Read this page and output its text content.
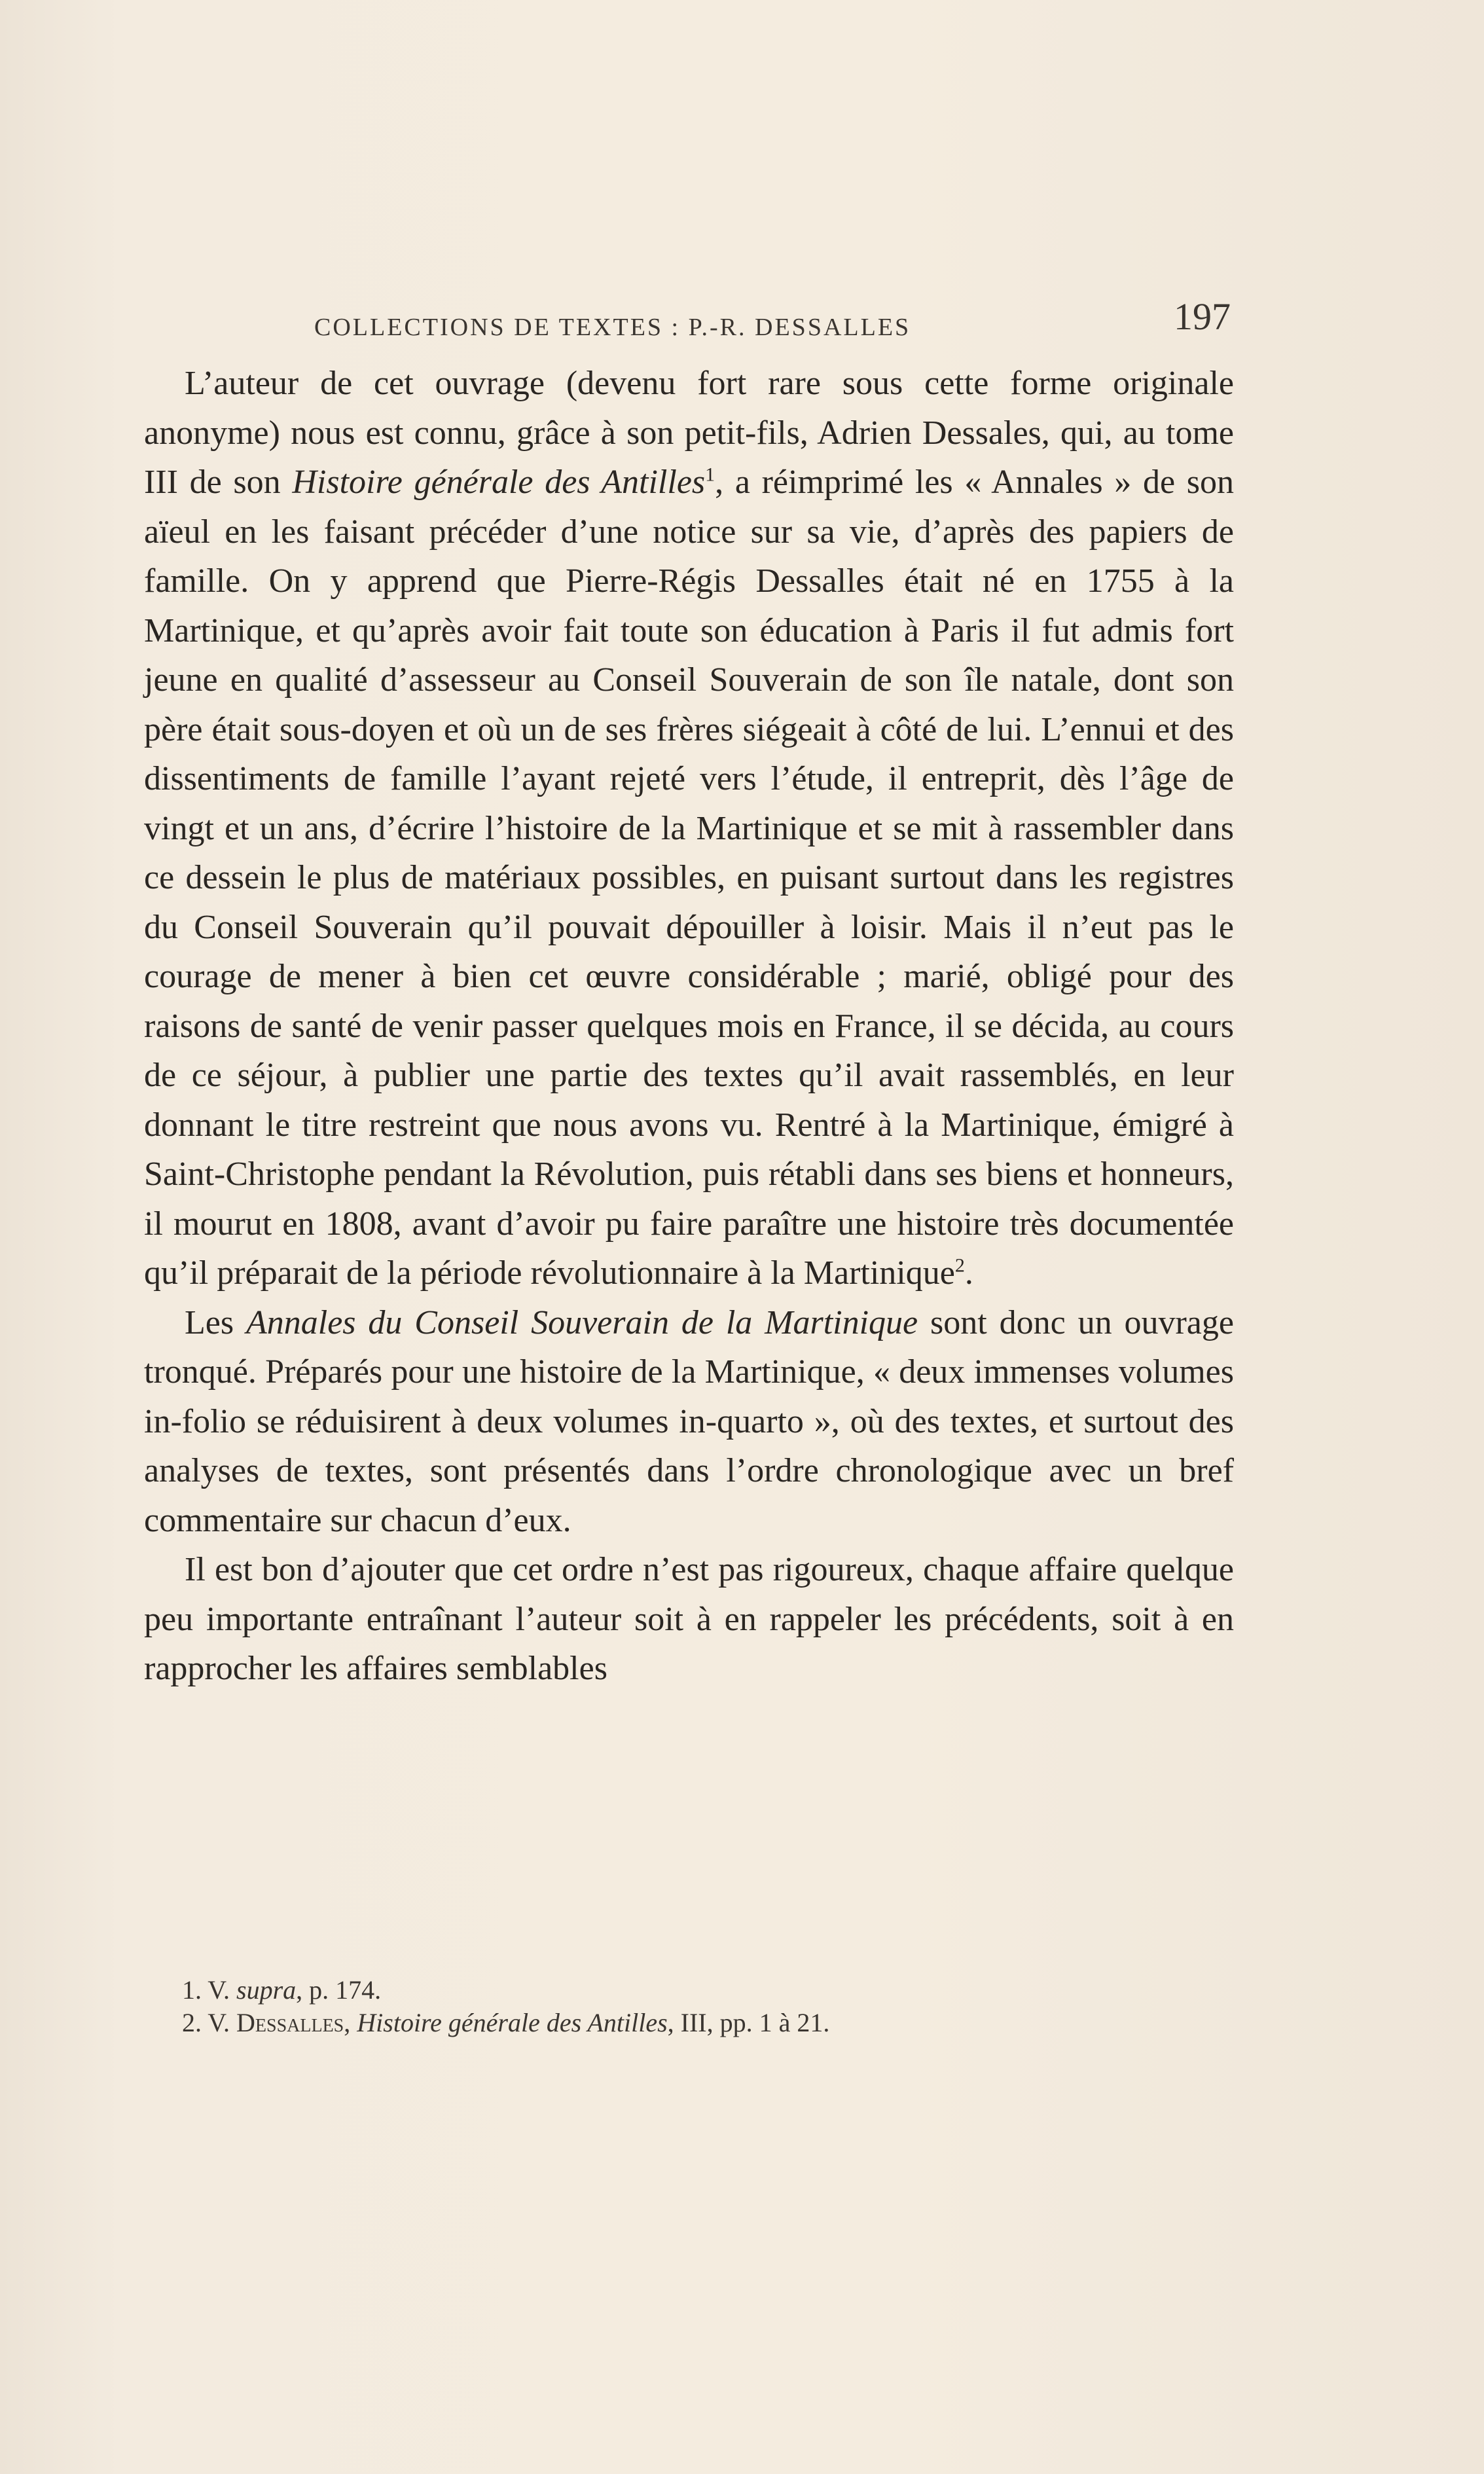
COLLECTIONS DE TEXTES : P.-R. DESSALLES	197

L’auteur de cet ouvrage (devenu fort rare sous cette forme originale anonyme) nous est connu, grâce à son petit-fils, Adrien Dessales, qui, au tome III de son Histoire générale des Antilles$^1$, a réimprimé les « Annales » de son aïeul en les faisant précéder d’une notice sur sa vie, d’après des papiers de famille. On y apprend que Pierre-Régis Dessalles était né en 1755 à la Martinique, et qu’après avoir fait toute son éducation à Paris il fut admis fort jeune en qualité d’assesseur au Conseil Souverain de son île natale, dont son père était sous-doyen et où un de ses frères siégeait à côté de lui. L’ennui et des dissentiments de famille l’ayant rejeté vers l’étude, il entreprit, dès l’âge de vingt et un ans, d’écrire l’histoire de la Martinique et se mit à rassembler dans ce dessein le plus de matériaux possibles, en puisant surtout dans les registres du Conseil Souverain qu’il pouvait dépouiller à loisir. Mais il n’eut pas le courage de mener à bien cet œuvre considérable ; marié, obligé pour des raisons de santé de venir passer quelques mois en France, il se décida, au cours de ce séjour, à publier une partie des textes qu’il avait rassemblés, en leur donnant le titre restreint que nous avons vu. Rentré à la Martinique, émigré à Saint-Christophe pendant la Révolution, puis rétabli dans ses biens et honneurs, il mourut en 1808, avant d’avoir pu faire paraître une histoire très documentée qu’il préparait de la période révolutionnaire à la Martinique$^2$.

Les Annales du Conseil Souverain de la Martinique sont donc un ouvrage tronqué. Préparés pour une histoire de la Martinique, « deux immenses volumes in-folio se réduisirent à deux volumes in-quarto », où des textes, et surtout des analyses de textes, sont présentés dans l’ordre chronologique avec un bref commentaire sur chacun d’eux.

Il est bon d’ajouter que cet ordre n’est pas rigoureux, chaque affaire quelque peu importante entraînant l’auteur soit à en rappeler les précédents, soit à en rapprocher les affaires semblables

1. V. supra, p. 174.

2. V. Dessalles, Histoire générale des Antilles, III, pp. 1 à 21.
